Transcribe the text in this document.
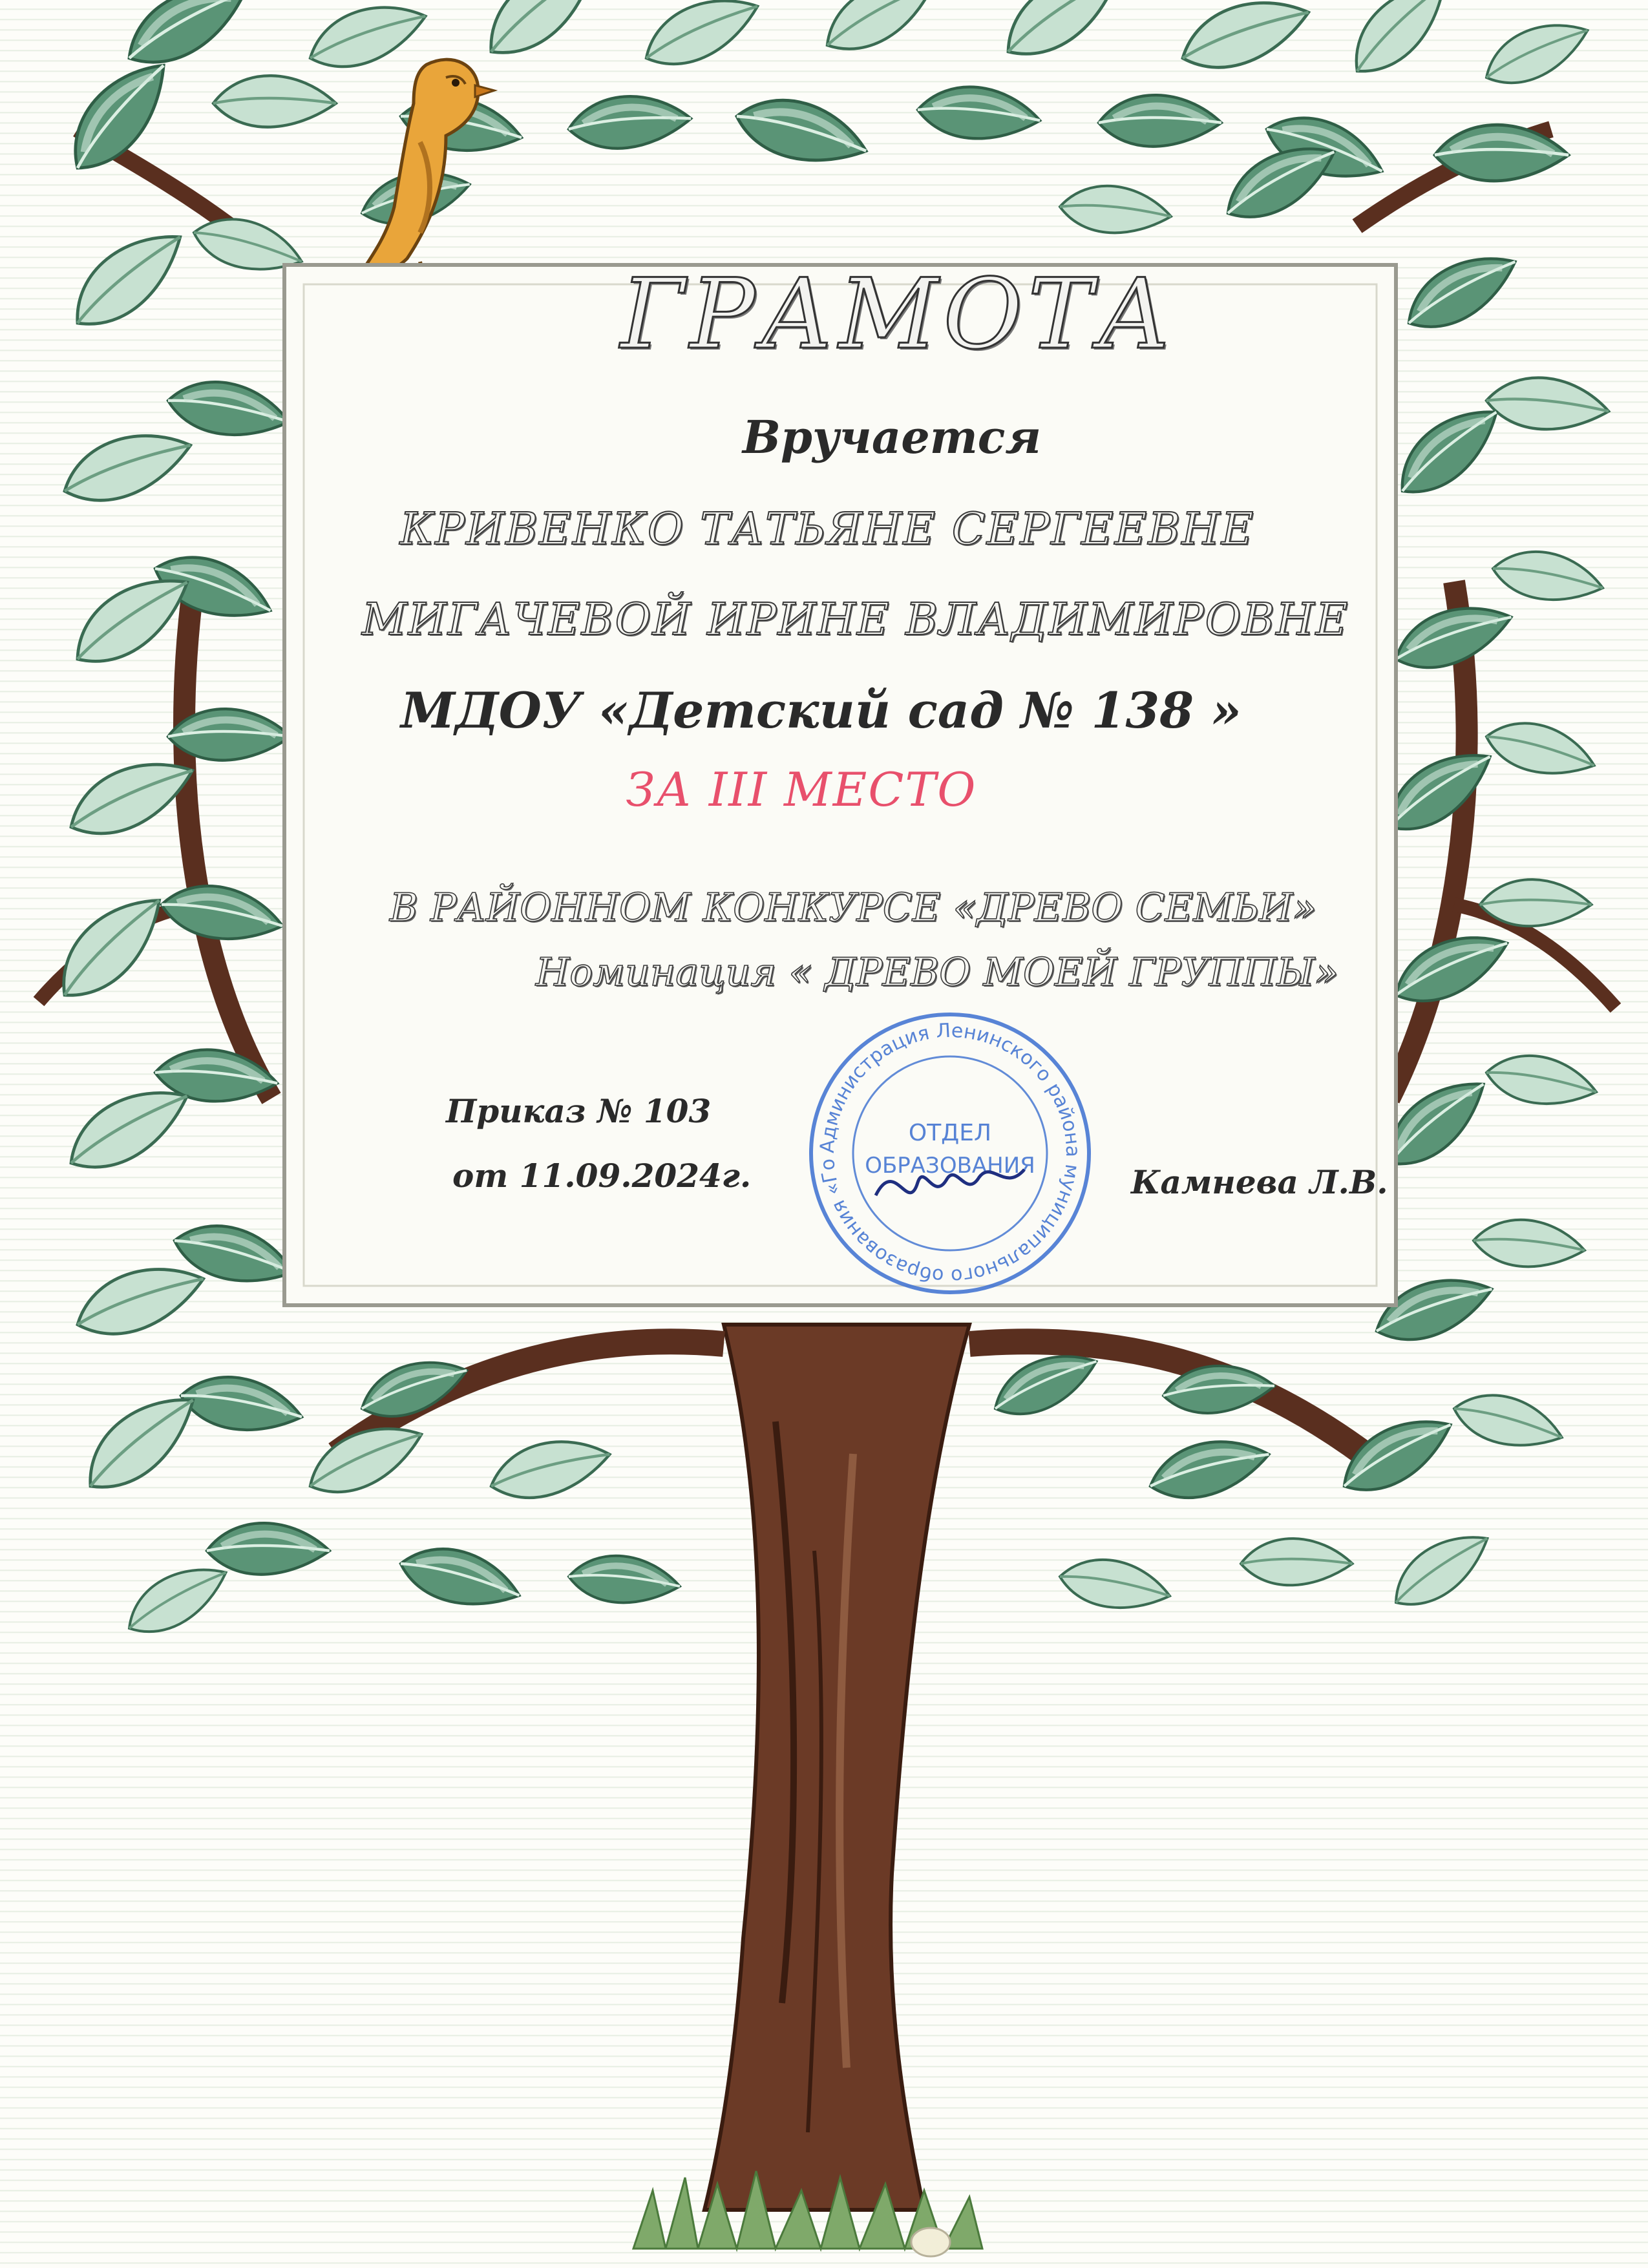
ГРАМОТА
Вручается
КРИВЕНКО ТАТЬЯНЕ СЕРГЕЕВНЕ
МИГАЧЕВОЙ ИРИНЕ ВЛАДИМИРОВНЕ
МДОУ «Детский сад № 138 »
ЗА III МЕСТО
В РАЙОННОМ КОНКУРСЕ «ДРЕВО СЕМЬИ»
Номинация « ДРЕВО МОЕЙ ГРУППЫ»
Приказ № 103
от 11.09.2024г.	Камнева Л.В.
Администрация Ленинского района муниципального образования «Го
ОТДЕЛ
ОБРАЗОВАНИЯ
